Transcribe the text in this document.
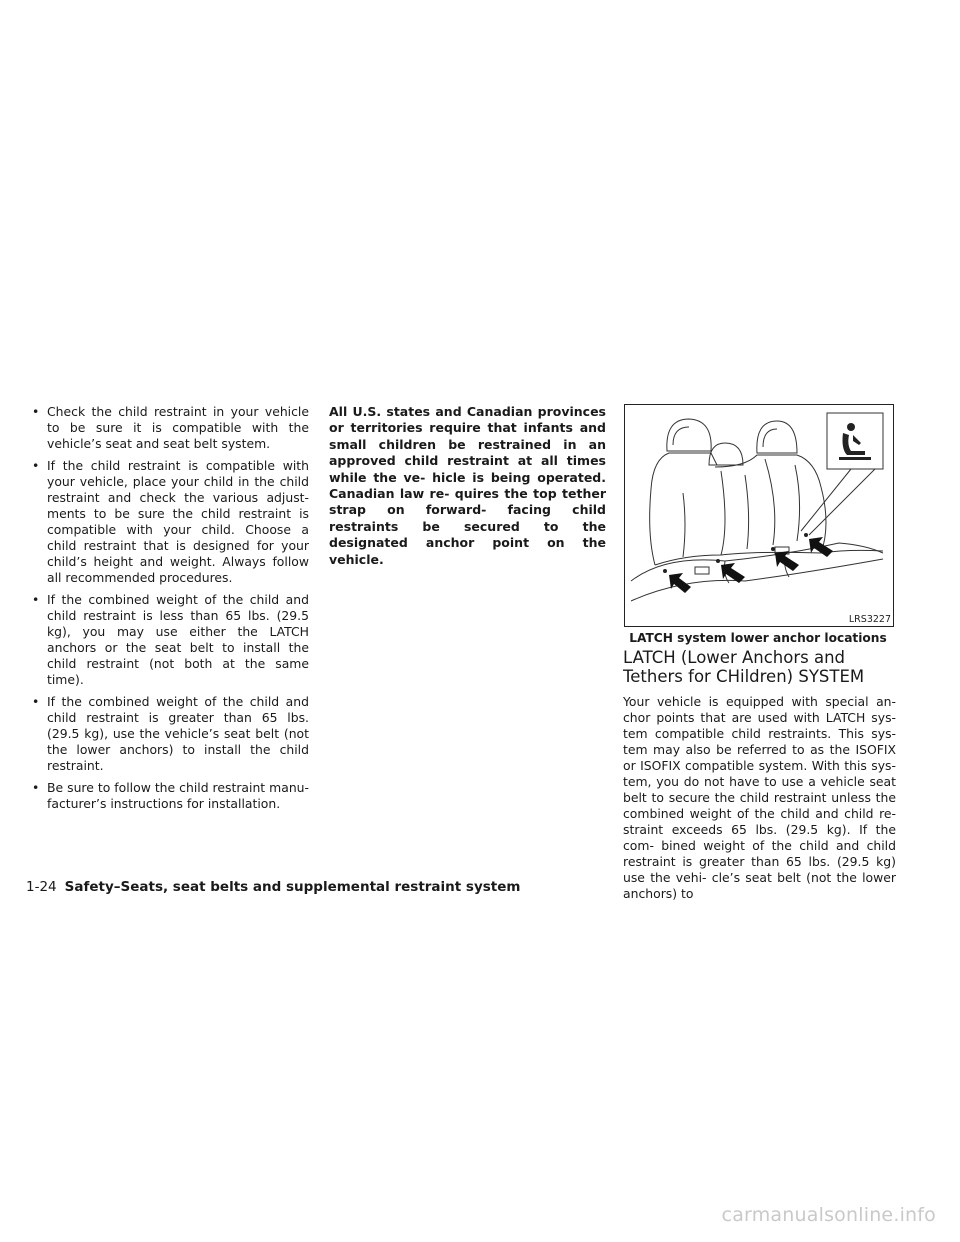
• Check the child restraint in your vehicle to be sure it is compatible with the vehicle’s seat and seat belt system.
• If the child restraint is compatible with your vehicle, place your child in the child restraint and check the various adjust- ments to be sure the child restraint is compatible with your child. Choose a child restraint that is designed for your child’s height and weight. Always follow all recommended procedures.
• If the combined weight of the child and child restraint is less than 65 lbs. (29.5 kg), you may use either the LATCH anchors or the seat belt to install the child restraint (not both at the same time).
• If the combined weight of the child and child restraint is greater than 65 lbs. (29.5 kg), use the vehicle’s seat belt (not the lower anchors) to install the child restraint.
• Be sure to follow the child restraint manu- facturer’s instructions for installation.

All U.S. states and Canadian provinces or territories require that infants and small children be restrained in an approved child restraint at all times while the ve- hicle is being operated. Canadian law re- quires the top tether strap on forward- facing child restraints be secured to the designated anchor point on the vehicle.

LRS3227
LATCH system lower anchor locations
LATCH (Lower Anchors and Tethers for CHildren) SYSTEM

Your vehicle is equipped with special an- chor points that are used with LATCH sys- tem compatible child restraints. This sys- tem may also be referred to as the ISOFIX or ISOFIX compatible system. With this sys- tem, you do not have to use a vehicle seat belt to secure the child restraint unless the combined weight of the child and child re- straint exceeds 65 lbs. (29.5 kg). If the com- bined weight of the child and child restraint is greater than 65 lbs. (29.5 kg) use the vehi- cle’s seat belt (not the lower anchors) to

1-24 Safety–Seats, seat belts and supplemental restraint system
carmanualsonline.info
